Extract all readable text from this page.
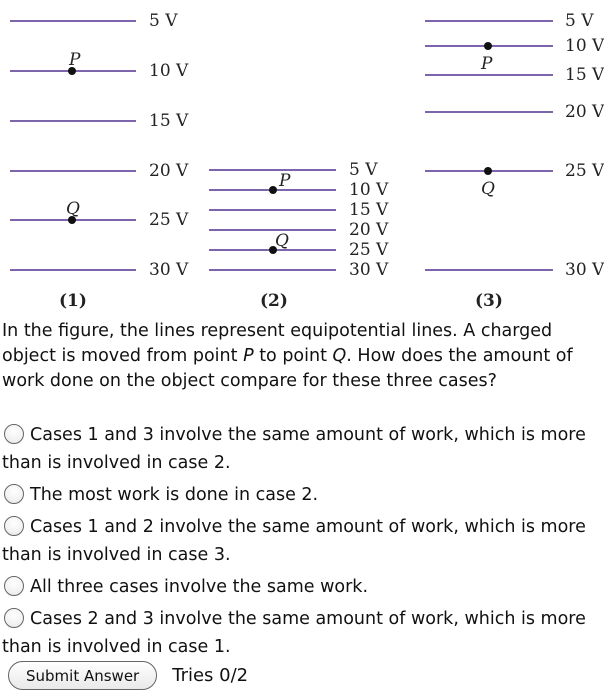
5 V
10 V
15 V
20 V
25 V
30 V
P
Q
(1)
5 V
10 V
15 V
20 V
25 V
30 V
P
Q
(2)
5 V
10 V
15 V
20 V
25 V
30 V
P
Q
(3)

In the figure, the lines represent equipotential lines. A charged object is moved from point P to point Q. How does the amount of work done on the object compare for these three cases?

Cases 1 and 3 involve the same amount of work, which is more than is involved in case 2.
The most work is done in case 2.
Cases 1 and 2 involve the same amount of work, which is more than is involved in case 3.
All three cases involve the same work.
Cases 2 and 3 involve the same amount of work, which is more than is involved in case 1.
Submit Answer	Tries 0/2
